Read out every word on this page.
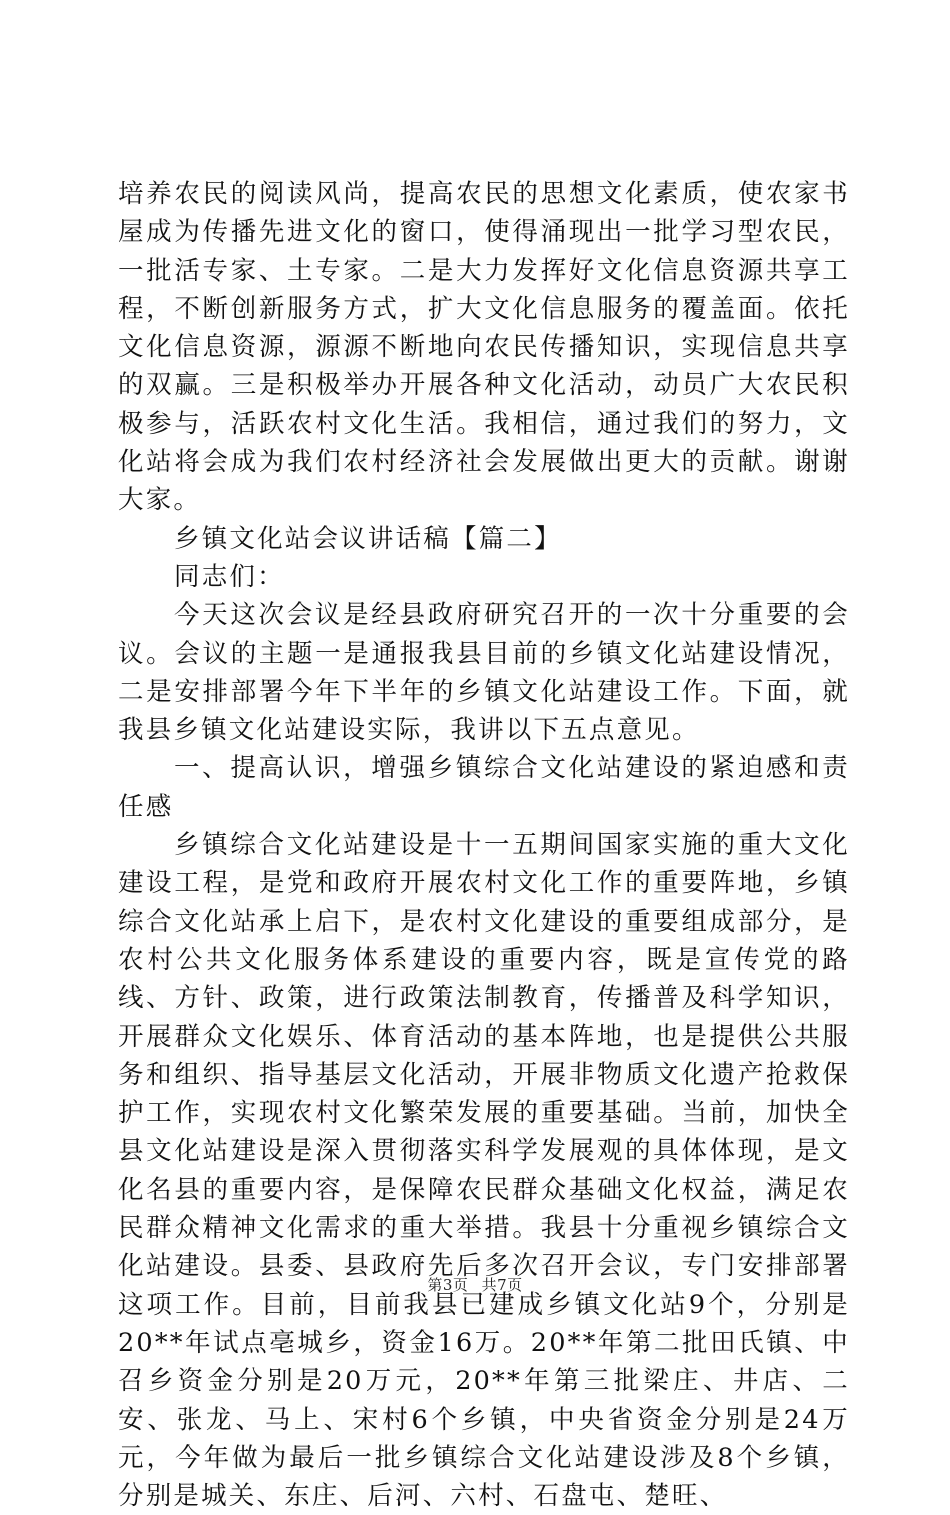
培养农民的阅读风尚，提高农民的思想文化素质，使农家书屋成为传播先进文化的窗口，使得涌现出一批学习型农民，一批活专家、土专家。二是大力发挥好文化信息资源共享工程，不断创新服务方式，扩大文化信息服务的覆盖面。依托文化信息资源，源源不断地向农民传播知识，实现信息共享的双赢。三是积极举办开展各种文化活动，动员广大农民积极参与，活跃农村文化生活。我相信，通过我们的努力，文化站将会成为我们农村经济社会发展做出更大的贡献。谢谢大家。

乡镇文化站会议讲话稿【篇二】

同志们：

今天这次会议是经县政府研究召开的一次十分重要的会议。会议的主题一是通报我县目前的乡镇文化站建设情况，二是安排部署今年下半年的乡镇文化站建设工作。下面，就我县乡镇文化站建设实际，我讲以下五点意见。

一、提高认识，增强乡镇综合文化站建设的紧迫感和责任感

乡镇综合文化站建设是十一五期间国家实施的重大文化建设工程，是党和政府开展农村文化工作的重要阵地，乡镇综合文化站承上启下，是农村文化建设的重要组成部分，是农村公共文化服务体系建设的重要内容，既是宣传党的路线、方针、政策，进行政策法制教育，传播普及科学知识，开展群众文化娱乐、体育活动的基本阵地，也是提供公共服务和组织、指导基层文化活动，开展非物质文化遗产抢救保护工作，实现农村文化繁荣发展的重要基础。当前，加快全县文化站建设是深入贯彻落实科学发展观的具体体现，是文化名县的重要内容，是保障农民群众基础文化权益，满足农民群众精神文化需求的重大举措。我县十分重视乡镇综合文化站建设。县委、县政府先后多次召开会议，专门安排部署这项工作。目前，目前我县已建成乡镇文化站9个，分别是20**年试点亳城乡，资金16万。20**年第二批田氏镇、中召乡资金分别是20万元，20**年第三批梁庄、井店、二安、张龙、马上、宋村6个乡镇，中央省资金分别是24万元，今年做为最后一批乡镇综合文化站建设涉及8个乡镇，分别是城关、东庄、后河、六村、石盘屯、楚旺、

第3页 共7页
